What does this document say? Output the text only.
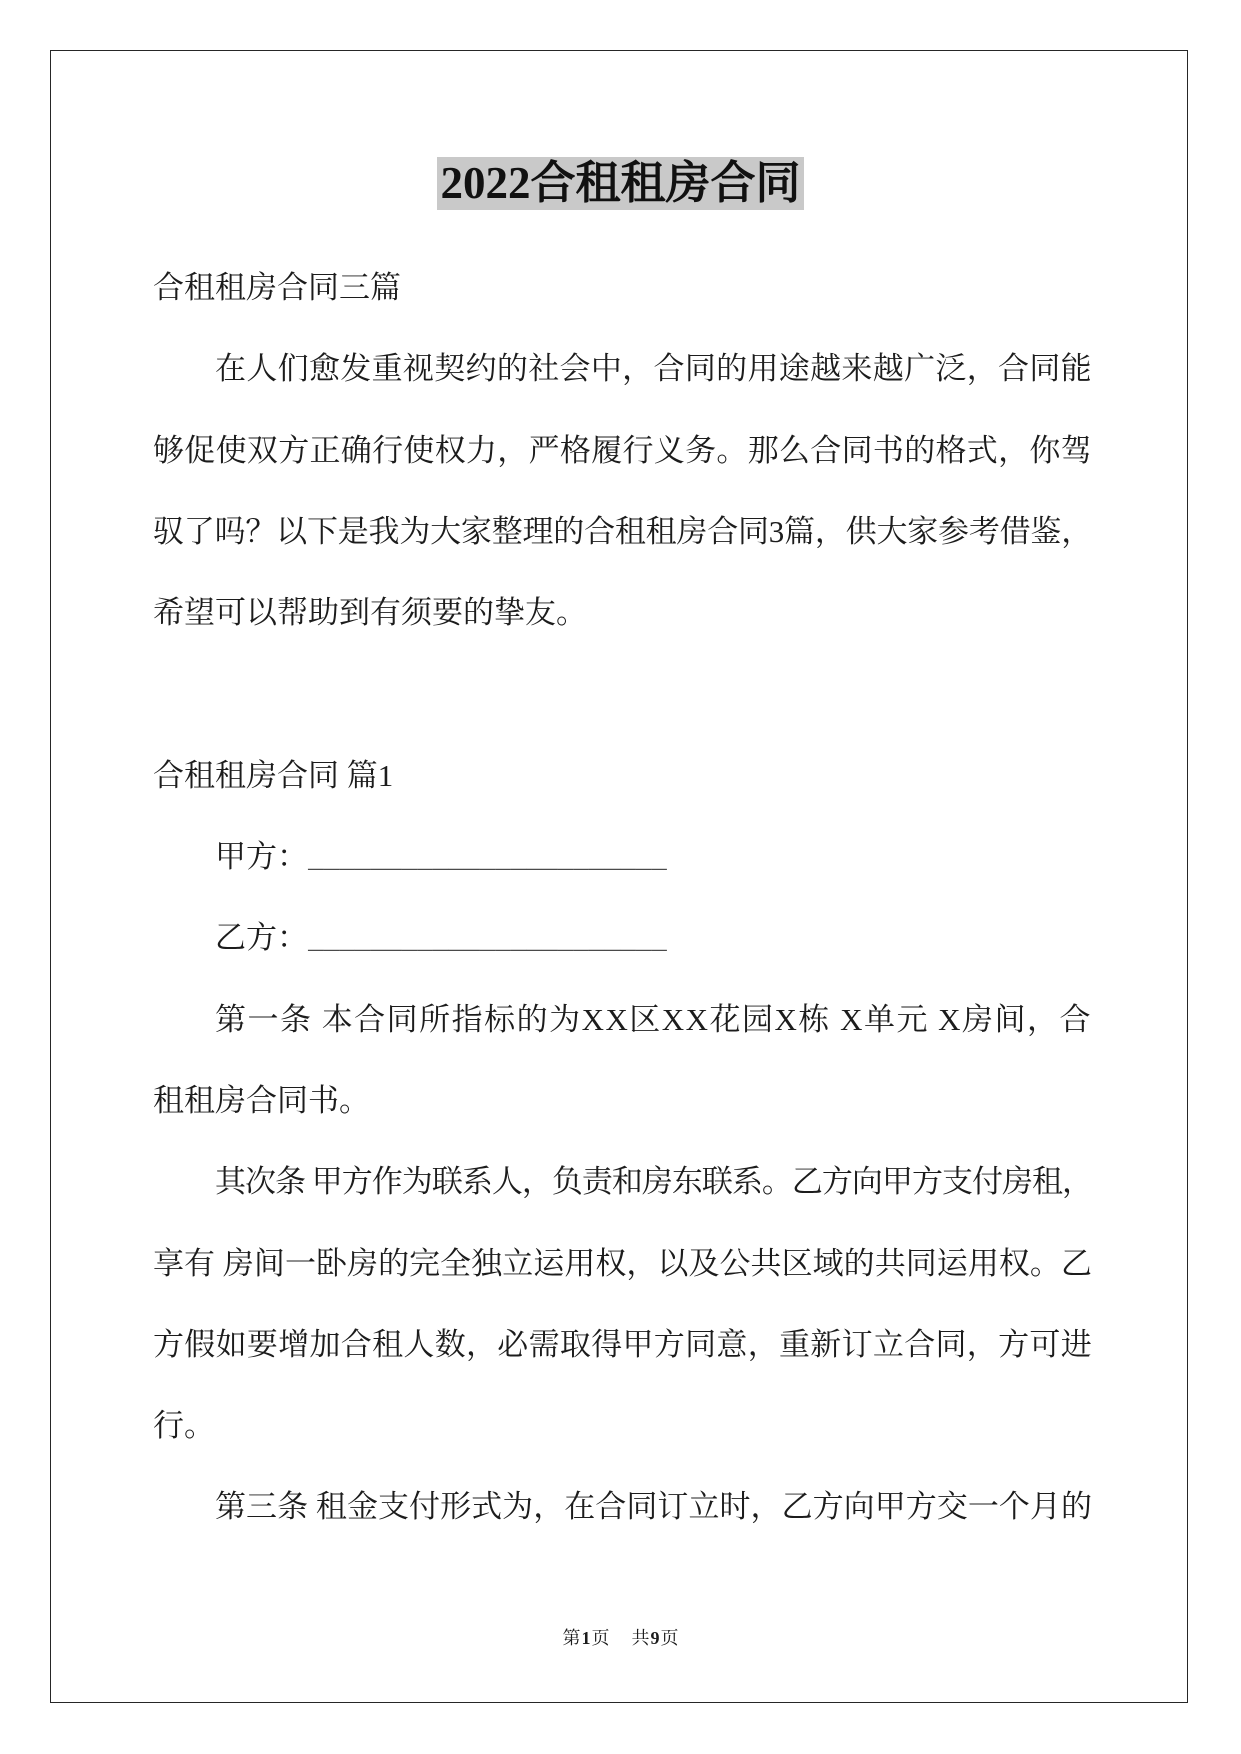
2022合租租房合同
合租租房合同三篇
在人们愈发重视契约的社会中，合同的用途越来越广泛，合同能
够促使双方正确行使权力，严格履行义务。那么合同书的格式，你驾
驭了吗？以下是我为大家整理的合租租房合同3篇，供大家参考借鉴，
希望可以帮助到有须要的挚友。
合租租房合同 篇1
甲方：_______________________
乙方：_______________________
第一条 本合同所指标的为XX区XX花园X栋 X单元 X房间，合
租租房合同书。
其次条 甲方作为联系人，负责和房东联系。乙方向甲方支付房租，
享有 房间一卧房的完全独立运用权，以及公共区域的共同运用权。乙
方假如要增加合租人数，必需取得甲方同意，重新订立合同，方可进
行。
第三条 租金支付形式为，在合同订立时，乙方向甲方交一个月的
第1页 共9页
